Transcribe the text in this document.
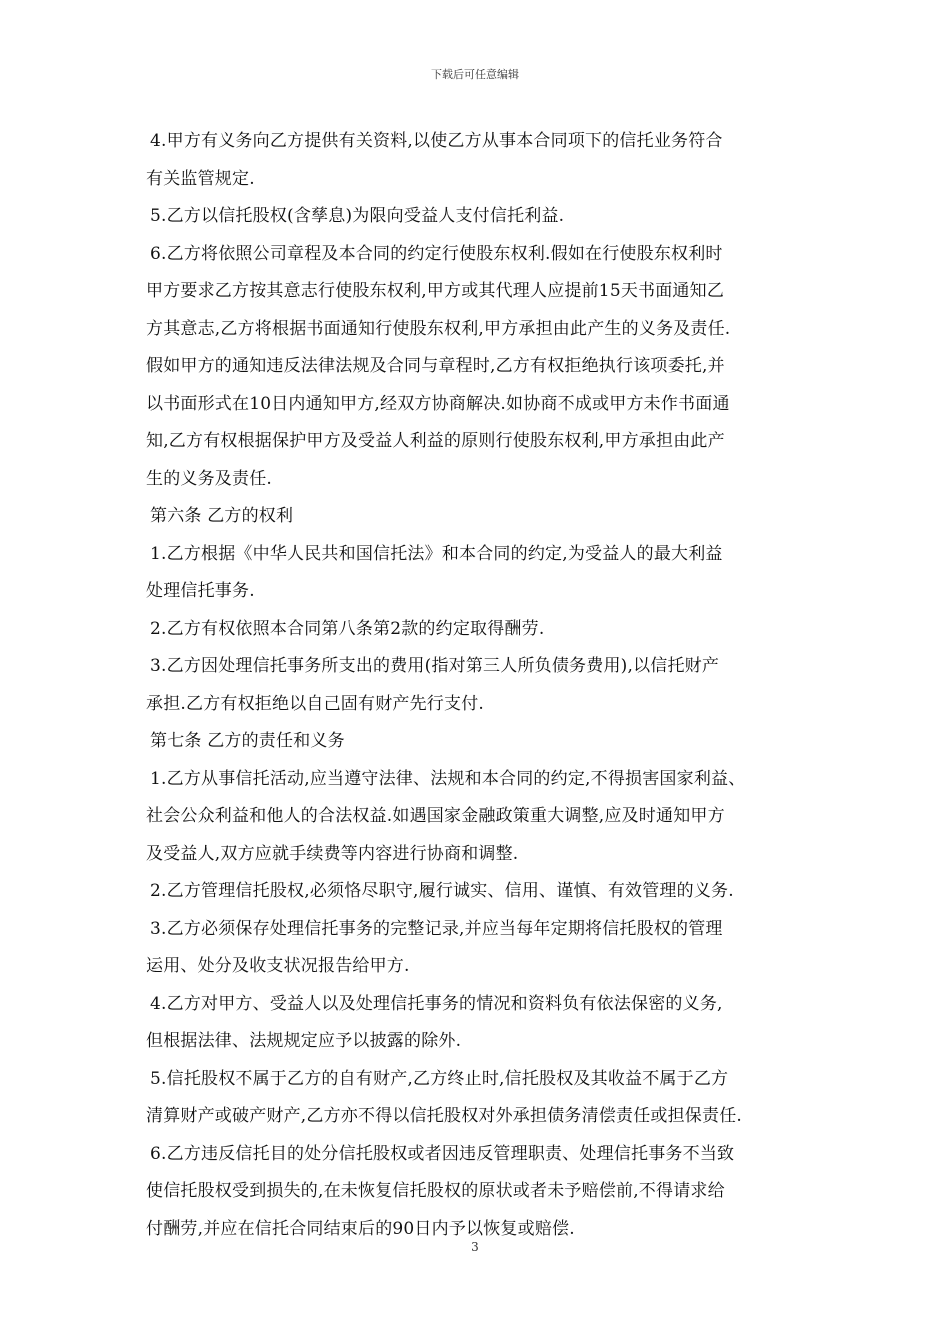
下载后可任意编辑
4.甲方有义务向乙方提供有关资料,以使乙方从事本合同项下的信托业务符合
有关监管规定.
5.乙方以信托股权(含孳息)为限向受益人支付信托利益.
6.乙方将依照公司章程及本合同的约定行使股东权利.假如在行使股东权利时
甲方要求乙方按其意志行使股东权利,甲方或其代理人应提前15天书面通知乙
方其意志,乙方将根据书面通知行使股东权利,甲方承担由此产生的义务及责任.
假如甲方的通知违反法律法规及合同与章程时,乙方有权拒绝执行该项委托,并
以书面形式在10日内通知甲方,经双方协商解决.如协商不成或甲方未作书面通
知,乙方有权根据保护甲方及受益人利益的原则行使股东权利,甲方承担由此产
生的义务及责任.
第六条 乙方的权利
1.乙方根据《中华人民共和国信托法》和本合同的约定,为受益人的最大利益
处理信托事务.
2.乙方有权依照本合同第八条第2款的约定取得酬劳.
3.乙方因处理信托事务所支出的费用(指对第三人所负债务费用),以信托财产
承担.乙方有权拒绝以自己固有财产先行支付.
第七条 乙方的责任和义务
1.乙方从事信托活动,应当遵守法律、法规和本合同的约定,不得损害国家利益、
社会公众利益和他人的合法权益.如遇国家金融政策重大调整,应及时通知甲方
及受益人,双方应就手续费等内容进行协商和调整.
2.乙方管理信托股权,必须恪尽职守,履行诚实、信用、谨慎、有效管理的义务.
3.乙方必须保存处理信托事务的完整记录,并应当每年定期将信托股权的管理
运用、处分及收支状况报告给甲方.
4.乙方对甲方、受益人以及处理信托事务的情况和资料负有依法保密的义务,
但根据法律、法规规定应予以披露的除外.
5.信托股权不属于乙方的自有财产,乙方终止时,信托股权及其收益不属于乙方
清算财产或破产财产,乙方亦不得以信托股权对外承担债务清偿责任或担保责任.
6.乙方违反信托目的处分信托股权或者因违反管理职责、处理信托事务不当致
使信托股权受到损失的,在未恢复信托股权的原状或者未予赔偿前,不得请求给
付酬劳,并应在信托合同结束后的90日内予以恢复或赔偿.
3
